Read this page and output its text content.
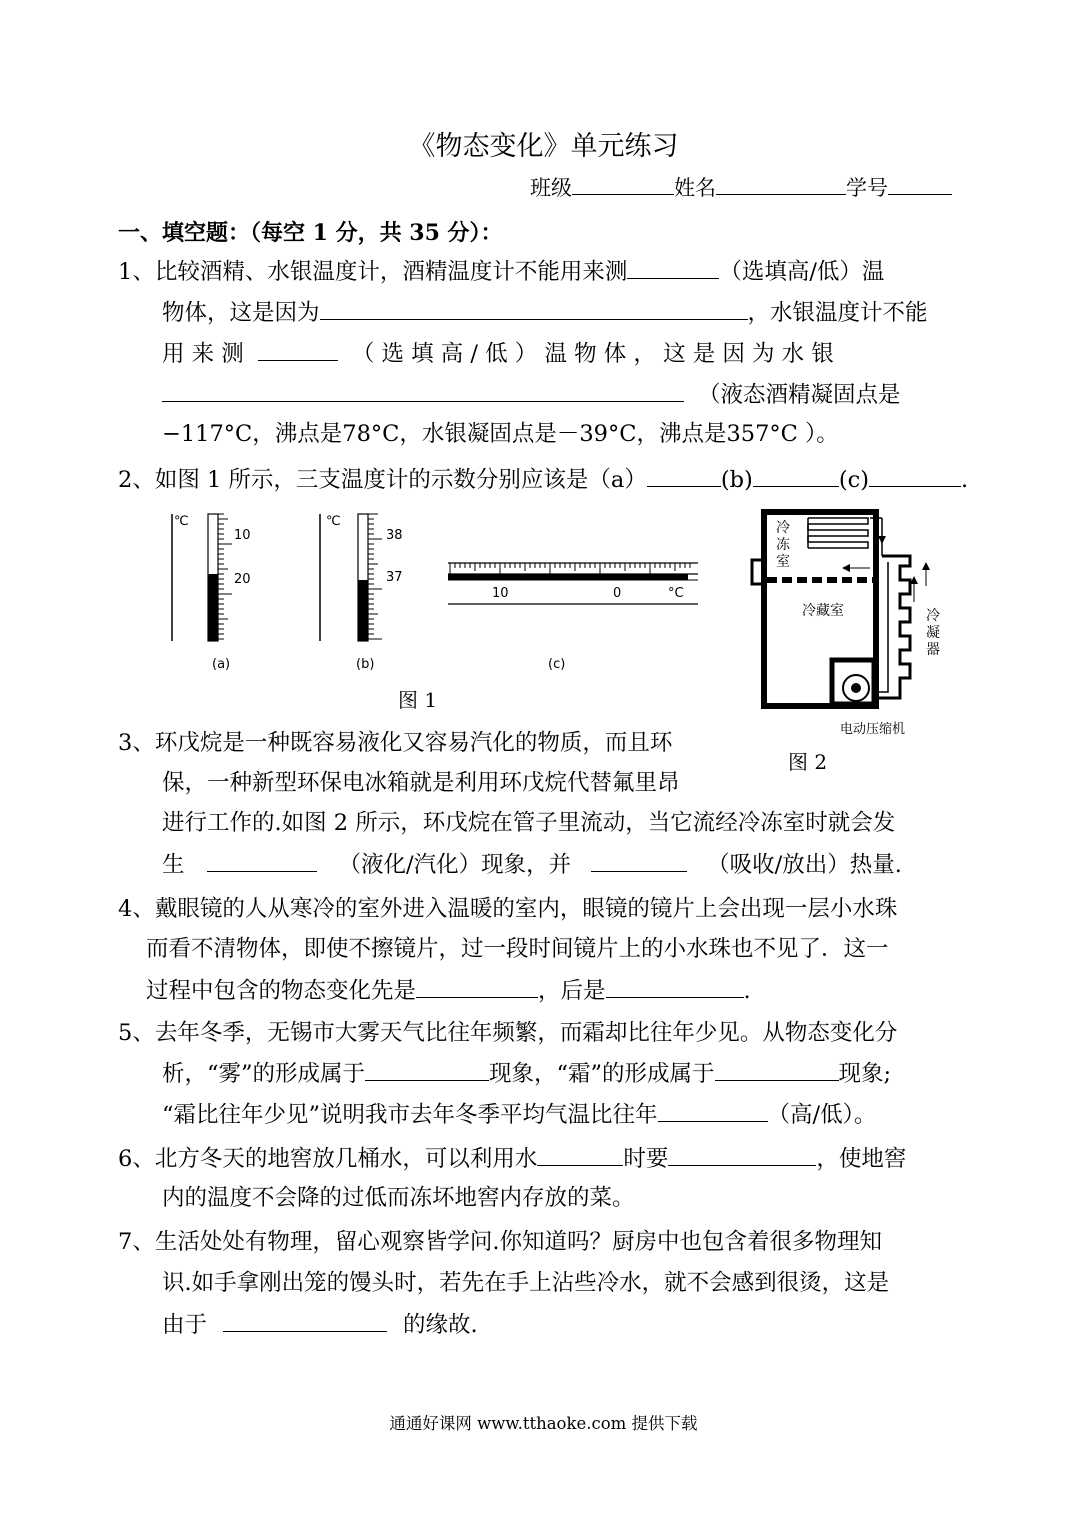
《物态变化》单元练习
班级	姓名	学号
一、填空题：（每空 1 分，共 35 分）：
1、比较酒精、水银温度计，酒精温度计不能用来测	（选填高/低）温
物体，这是因为	，水银温度计不能
用 来 测	（ 选 填 高 / 低 ） 温 物 体 ， 这 是 因 为 水 银
（液态酒精凝固点是
−117°C，沸点是78°C，水银凝固点是－39°C，沸点是357°C ）。
2、如图 1 所示，三支温度计的示数分别应该是（a）	(b)	(c)	.
℃
10
20
(a)
℃
38
37
(b)
10	0	°C
(c)
图 1
冷
冻
室
冷藏室	冷
凝
器
电动压缩机
图 2
3、环戊烷是一种既容易液化又容易汽化的物质，而且环
保，一种新型环保电冰箱就是利用环戊烷代替氟里昂
进行工作的.如图 2 所示，环戊烷在管子里流动，当它流经冷冻室时就会发
生	（液化/汽化）现象，并	（吸收/放出）热量.
4、戴眼镜的人从寒冷的室外进入温暖的室内，眼镜的镜片上会出现一层小水珠
而看不清物体，即使不擦镜片，过一段时间镜片上的小水珠也不见了．这一
过程中包含的物态变化先是	，后是	.
5、去年冬季，无锡市大雾天气比往年频繁，而霜却比往年少见。从物态变化分
析，“雾”的形成属于	现象，“霜”的形成属于	现象;
“霜比往年少见”说明我市去年冬季平均气温比往年	（高/低）。
6、北方冬天的地窖放几桶水，可以利用水	时要	，使地窖
内的温度不会降的过低而冻坏地窖内存放的菜。
7、生活处处有物理，留心观察皆学问.你知道吗？厨房中也包含着很多物理知
识.如手拿刚出笼的馒头时，若先在手上沾些冷水，就不会感到很烫，这是
由于	的缘故.
通通好课网 www.tthaoke.com 提供下载
